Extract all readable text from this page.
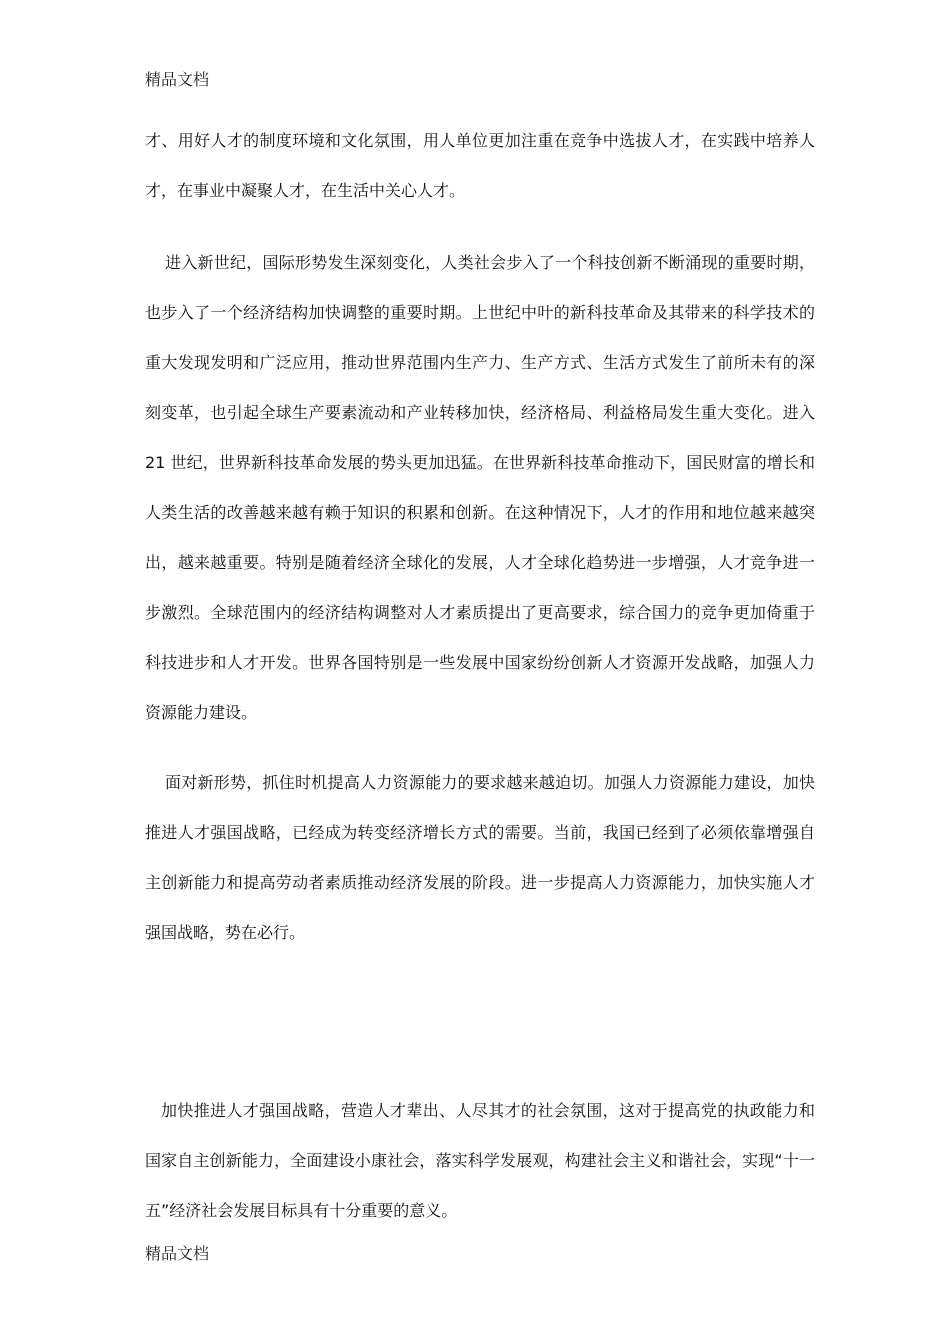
精品文档

才、用好人才的制度环境和文化氛围，用人单位更加注重在竞争中选拔人才，在实践中培养人才，在事业中凝聚人才，在生活中关心人才。

进入新世纪，国际形势发生深刻变化，人类社会步入了一个科技创新不断涌现的重要时期，也步入了一个经济结构加快调整的重要时期。上世纪中叶的新科技革命及其带来的科学技术的重大发现发明和广泛应用，推动世界范围内生产力、生产方式、生活方式发生了前所未有的深刻变革，也引起全球生产要素流动和产业转移加快，经济格局、利益格局发生重大变化。进入 21 世纪，世界新科技革命发展的势头更加迅猛。在世界新科技革命推动下，国民财富的增长和人类生活的改善越来越有赖于知识的积累和创新。在这种情况下，人才的作用和地位越来越突出，越来越重要。特别是随着经济全球化的发展，人才全球化趋势进一步增强，人才竞争进一步激烈。全球范围内的经济结构调整对人才素质提出了更高要求，综合国力的竞争更加倚重于科技进步和人才开发。世界各国特别是一些发展中国家纷纷创新人才资源开发战略，加强人力资源能力建设。

面对新形势，抓住时机提高人力资源能力的要求越来越迫切。加强人力资源能力建设，加快推进人才强国战略，已经成为转变经济增长方式的需要。当前，我国已经到了必须依靠增强自主创新能力和提高劳动者素质推动经济发展的阶段。进一步提高人力资源能力，加快实施人才强国战略，势在必行。

加快推进人才强国战略，营造人才辈出、人尽其才的社会氛围，这对于提高党的执政能力和国家自主创新能力，全面建设小康社会，落实科学发展观，构建社会主义和谐社会，实现“十一五”经济社会发展目标具有十分重要的意义。

精品文档
